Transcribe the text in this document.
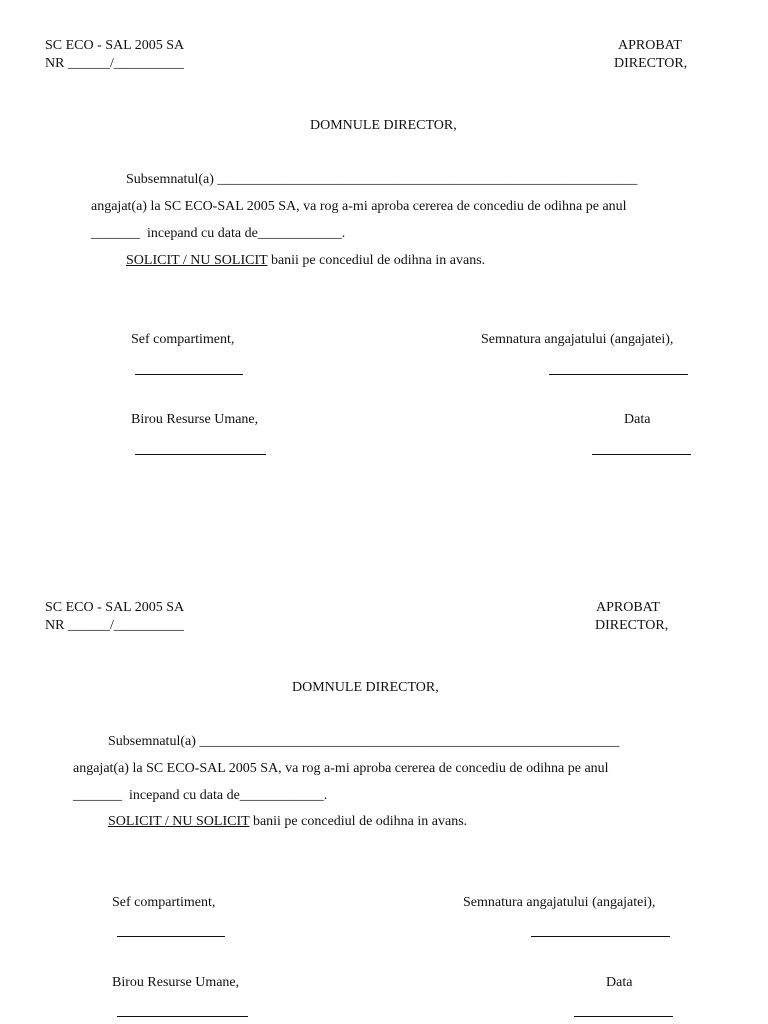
SC ECO - SAL 2005 SA
NR ______/__________
APROBAT
DIRECTOR,
DOMNULE DIRECTOR,
Subsemnatul(a) ____________________________________________________________
angajat(a) la SC ECO-SAL 2005 SA, va rog a-mi aproba cererea de concediu de odihna pe anul
_______  incepand cu data de____________.
SOLICIT / NU SOLICIT banii pe concediul de odihna in avans.
Sef compartiment,	Semnatura angajatului (angajatei),
Birou Resurse Umane,	Data
SC ECO - SAL 2005 SA
NR ______/__________
APROBAT
DIRECTOR,
DOMNULE DIRECTOR,
Subsemnatul(a) ____________________________________________________________
angajat(a) la SC ECO-SAL 2005 SA, va rog a-mi aproba cererea de concediu de odihna pe anul
_______  incepand cu data de____________.
SOLICIT / NU SOLICIT banii pe concediul de odihna in avans.
Sef compartiment,	Semnatura angajatului (angajatei),
Birou Resurse Umane,	Data
